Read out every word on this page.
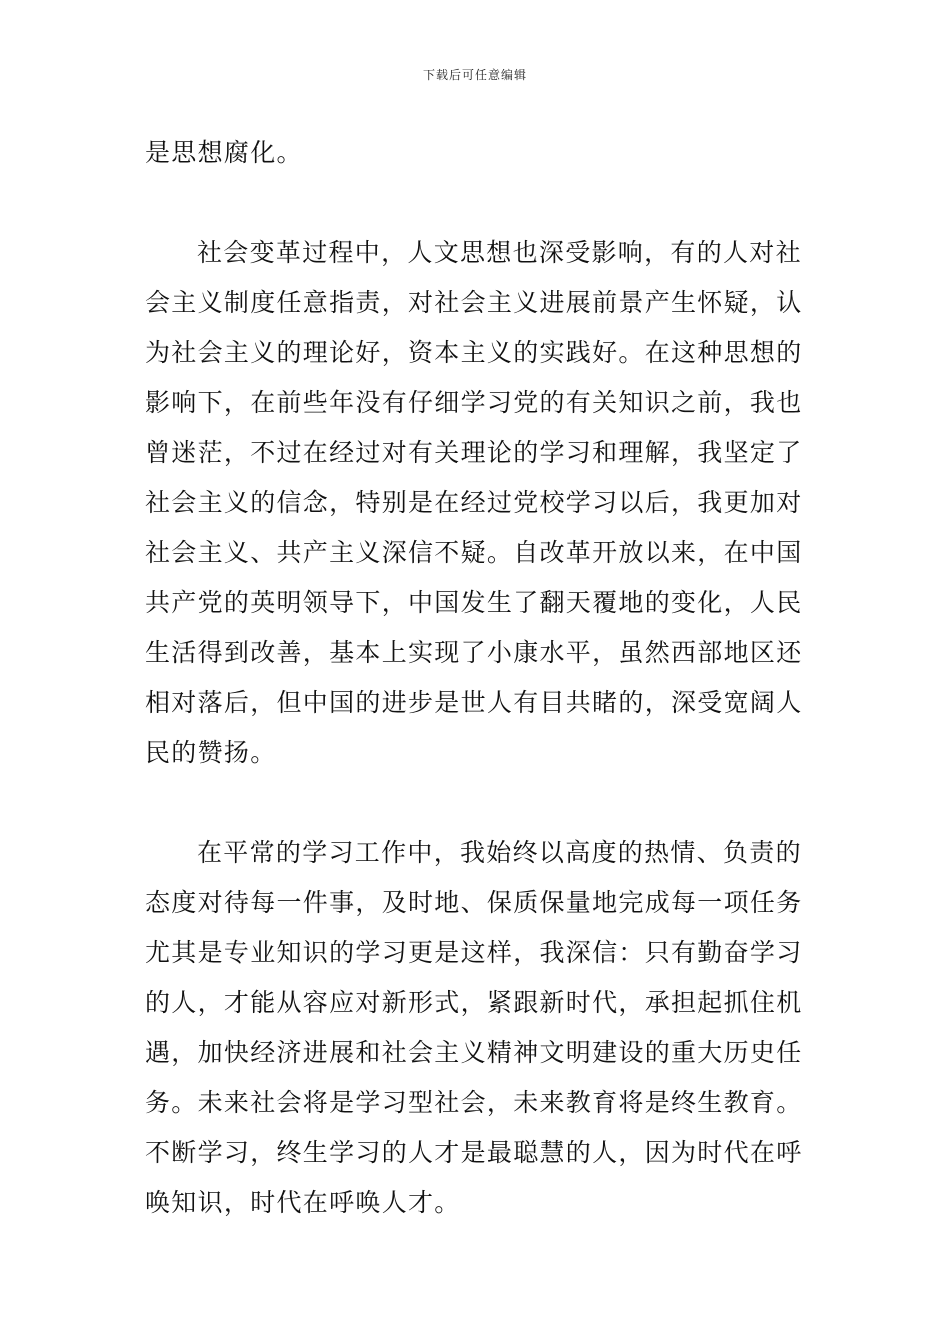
下载后可任意编辑
是思想腐化。
社会变革过程中，人文思想也深受影响，有的人对社
会主义制度任意指责，对社会主义进展前景产生怀疑，认
为社会主义的理论好，资本主义的实践好。在这种思想的
影响下，在前些年没有仔细学习党的有关知识之前，我也
曾迷茫，不过在经过对有关理论的学习和理解，我坚定了
社会主义的信念，特别是在经过党校学习以后，我更加对
社会主义、共产主义深信不疑。自改革开放以来，在中国
共产党的英明领导下，中国发生了翻天覆地的变化，人民
生活得到改善，基本上实现了小康水平，虽然西部地区还
相对落后，但中国的进步是世人有目共睹的，深受宽阔人
民的赞扬。
在平常的学习工作中，我始终以高度的热情、负责的
态度对待每一件事，及时地、保质保量地完成每一项任务
尤其是专业知识的学习更是这样，我深信：只有勤奋学习
的人，才能从容应对新形式，紧跟新时代，承担起抓住机
遇，加快经济进展和社会主义精神文明建设的重大历史任
务。未来社会将是学习型社会，未来教育将是终生教育。
不断学习，终生学习的人才是最聪慧的人，因为时代在呼
唤知识，时代在呼唤人才。
